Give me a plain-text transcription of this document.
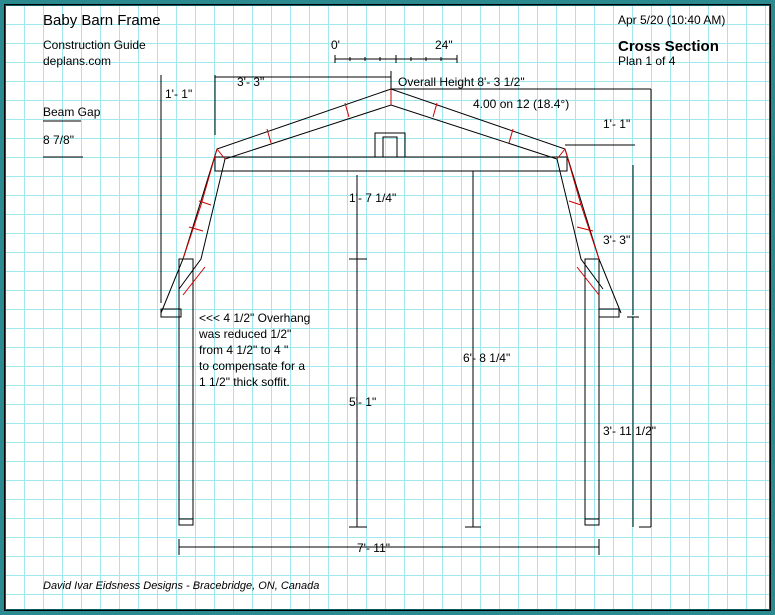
Baby Barn Frame
Construction Guide
deplans.com
Apr 5/20 (10:40 AM)
Cross Section
Plan 1 of 4
0'	24"
Beam Gap
8 7/8"
1'- 1"
3'- 3"	Overall Height 8'- 3 1/2"
4.00 on 12 (18.4°)
1'- 1"
1'- 7 1/4"
3'- 3"
6'- 8 1/4"
5'- 1"
3'- 11 1/2"
7'- 11"
<<< 4 1/2" Overhang
was reduced 1/2"
from 4 1/2" to 4 "
to compensate for a
1 1/2" thick soffit.
David Ivar Eidsness Designs - Bracebridge, ON, Canada
